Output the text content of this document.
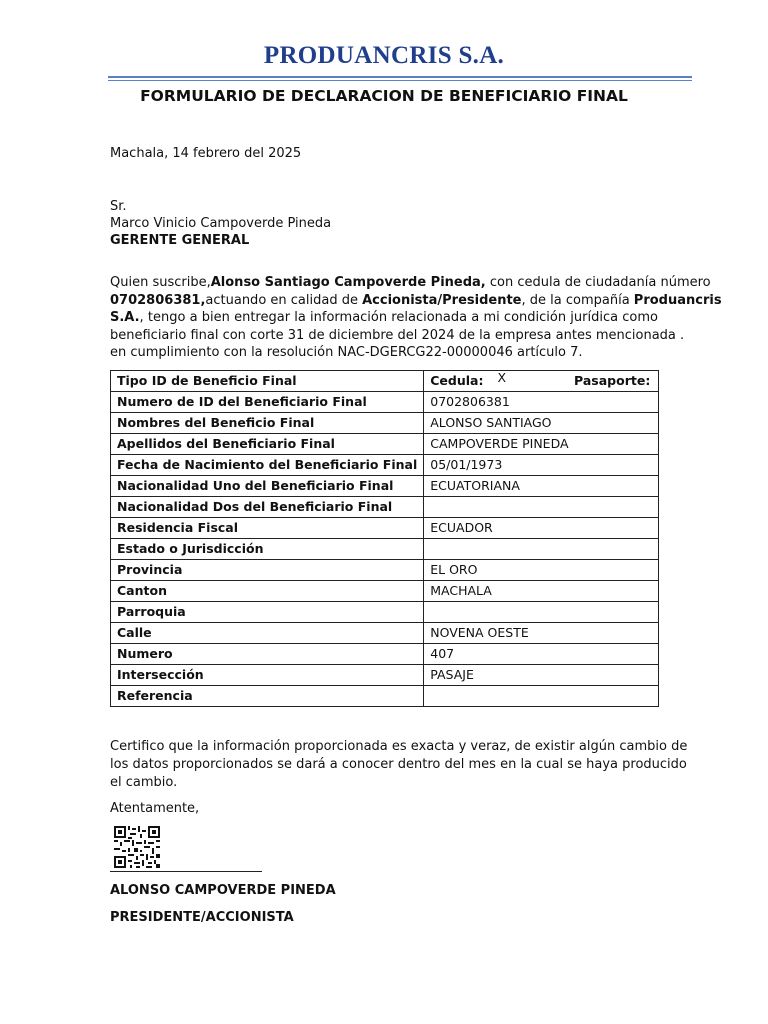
PRODUANCRIS S.A.
FORMULARIO DE DECLARACION DE BENEFICIARIO FINAL
Machala, 14 febrero del 2025
Sr.
Marco Vinicio Campoverde Pineda
GERENTE GENERAL
Quien suscribe,Alonso Santiago Campoverde Pineda, con cedula de ciudadanía número
0702806381,actuando en calidad de Accionista/Presidente, de la compañía Produancris
S.A., tengo a bien entregar la información relacionada a mi condición jurídica como
beneficiario final con corte 31 de diciembre del 2024 de la empresa antes mencionada .
en cumplimiento con la resolución NAC-DGERCG22-00000046 artículo 7.
Tipo ID de Beneficio Final	Cedula: X Pasaporte:
Numero de ID del Beneficiario Final	0702806381
Nombres del Beneficio Final	ALONSO SANTIAGO
Apellidos del Beneficiario Final	CAMPOVERDE PINEDA
Fecha de Nacimiento del Beneficiario Final	05/01/1973
Nacionalidad Uno del Beneficiario Final	ECUATORIANA
Nacionalidad Dos del Beneficiario Final	
Residencia Fiscal	ECUADOR
Estado o Jurisdicción	
Provincia	EL ORO
Canton	MACHALA
Parroquia	
Calle	NOVENA OESTE
Numero	407
Intersección	PASAJE
Referencia	
Certifico que la información proporcionada es exacta y veraz, de existir algún cambio de
los datos proporcionados se dará a conocer dentro del mes en la cual se haya producido
el cambio.
Atentamente,
ALONSO CAMPOVERDE PINEDA
PRESIDENTE/ACCIONISTA
